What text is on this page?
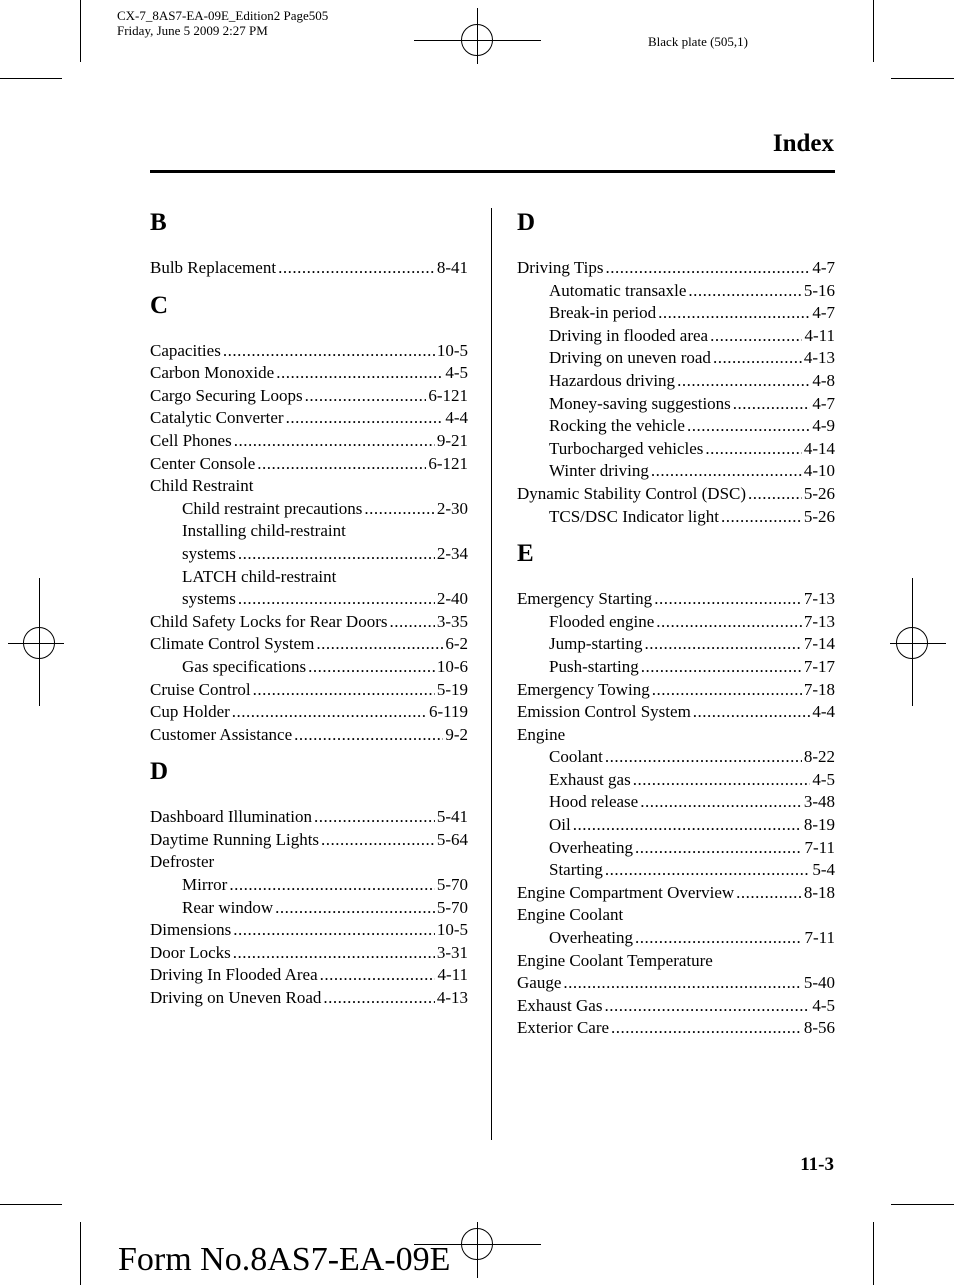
CX-7_8AS7-EA-09E_Edition2 Page505
Friday, June 5 2009 2:27 PM
Black plate (505,1)
Index
B
Bulb Replacement .....	8-41
C
Capacities .....	10-5
Carbon Monoxide .....	4-5
Cargo Securing Loops .....	6-121
Catalytic Converter .....	4-4
Cell Phones .....	9-21
Center Console .....	6-121
Child Restraint
Child restraint precautions .....	2-30
Installing child-restraint
systems .....	2-34
LATCH child-restraint
systems .....	2-40
Child Safety Locks for Rear Doors .....	3-35
Climate Control System .....	6-2
Gas specifications .....	10-6
Cruise Control .....	5-19
Cup Holder .....	6-119
Customer Assistance .....	9-2
D
Dashboard Illumination .....	5-41
Daytime Running Lights .....	5-64
Defroster
Mirror .....	5-70
Rear window .....	5-70
Dimensions .....	10-5
Door Locks .....	3-31
Driving In Flooded Area .....	4-11
Driving on Uneven Road .....	4-13
D
Driving Tips .....	4-7
Automatic transaxle .....	5-16
Break-in period .....	4-7
Driving in flooded area .....	4-11
Driving on uneven road .....	4-13
Hazardous driving .....	4-8
Money-saving suggestions .....	4-7
Rocking the vehicle .....	4-9
Turbocharged vehicles .....	4-14
Winter driving .....	4-10
Dynamic Stability Control (DSC) .....	5-26
TCS/DSC Indicator light .....	5-26
E
Emergency Starting .....	7-13
Flooded engine .....	7-13
Jump-starting .....	7-14
Push-starting .....	7-17
Emergency Towing .....	7-18
Emission Control System .....	4-4
Engine
Coolant .....	8-22
Exhaust gas .....	4-5
Hood release .....	3-48
Oil .....	8-19
Overheating .....	7-11
Starting .....	5-4
Engine Compartment Overview .....	8-18
Engine Coolant
Overheating .....	7-11
Engine Coolant Temperature
Gauge .....	5-40
Exhaust Gas .....	4-5
Exterior Care .....	8-56
11-3
Form No.8AS7-EA-09E
